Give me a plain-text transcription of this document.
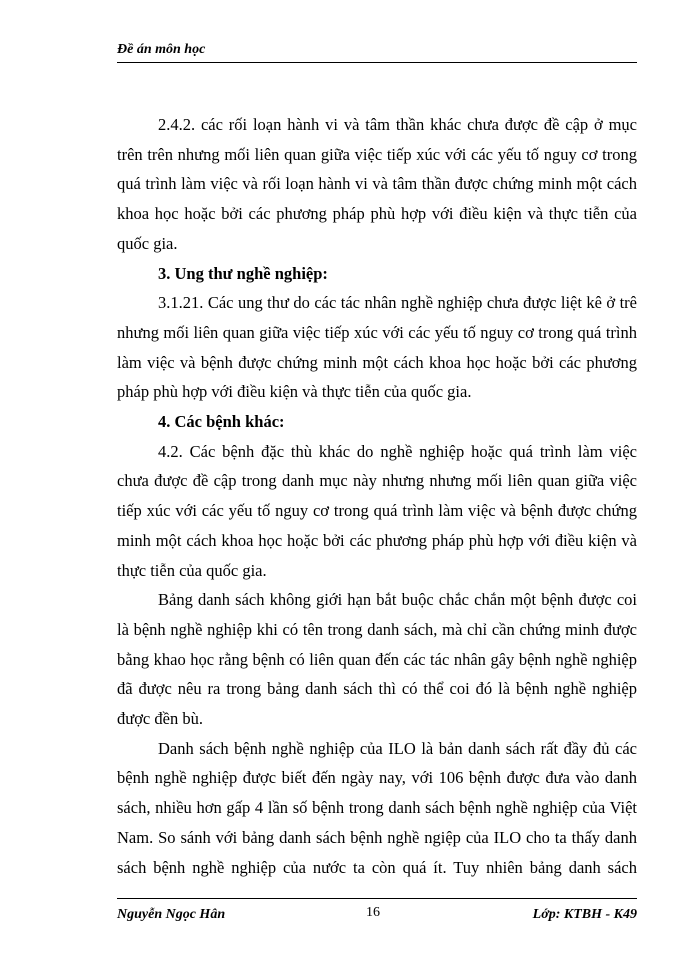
Đề án môn học

2.4.2. các rối loạn hành vi và tâm thần khác chưa được đề cập ở mục
trên trên nhưng mối liên quan giữa việc tiếp xúc với các yếu tố nguy cơ trong
quá trình làm việc và rối loạn hành vi và tâm thần được chứng minh một cách
khoa học hoặc bởi các phương pháp phù hợp với điều kiện và thực tiễn của
quốc gia.

3. Ung thư nghề nghiệp:

3.1.21. Các ung thư do các tác nhân nghề nghiệp chưa được liệt kê ở trê
nhưng mối liên quan giữa việc tiếp xúc với các yếu tố nguy cơ trong quá trình
làm việc và bệnh được chứng minh một cách khoa học hoặc bởi các phương
pháp phù hợp với điều kiện và thực tiễn của quốc gia.

4. Các bệnh khác:

4.2. Các bệnh đặc thù khác do nghề nghiệp hoặc quá trình làm việc
chưa được đề cập trong danh mục này nhưng nhưng mối liên quan giữa việc
tiếp xúc với các yếu tố nguy cơ trong quá trình làm việc và bệnh được chứng
minh một cách khoa học hoặc bởi các phương pháp phù hợp với điều kiện và
thực tiễn của quốc gia.

Bảng danh sách không giới hạn bắt buộc chắc chắn một bệnh được coi
là bệnh nghề nghiệp khi có tên trong danh sách, mà chỉ cần chứng minh được
bằng khao học rằng bệnh có liên quan đến các tác nhân gây bệnh nghề nghiệp
đã được nêu ra trong bảng danh sách thì có thể coi đó là bệnh nghề nghiệp
được đền bù.

Danh sách bệnh nghề nghiệp của ILO là bản danh sách rất đầy đủ các
bệnh nghề nghiệp được biết đến ngày nay, với 106 bệnh được đưa vào danh
sách, nhiều hơn gấp 4 lần số bệnh trong danh sách bệnh nghề nghiệp của Việt
Nam. So sánh với bảng danh sách bệnh nghề ngiệp của ILO cho ta thấy danh
sách bệnh nghề nghiệp của nước ta còn quá ít. Tuy nhiên bảng danh sách

Nguyễn Ngọc Hân	16	Lớp: KTBH - K49
